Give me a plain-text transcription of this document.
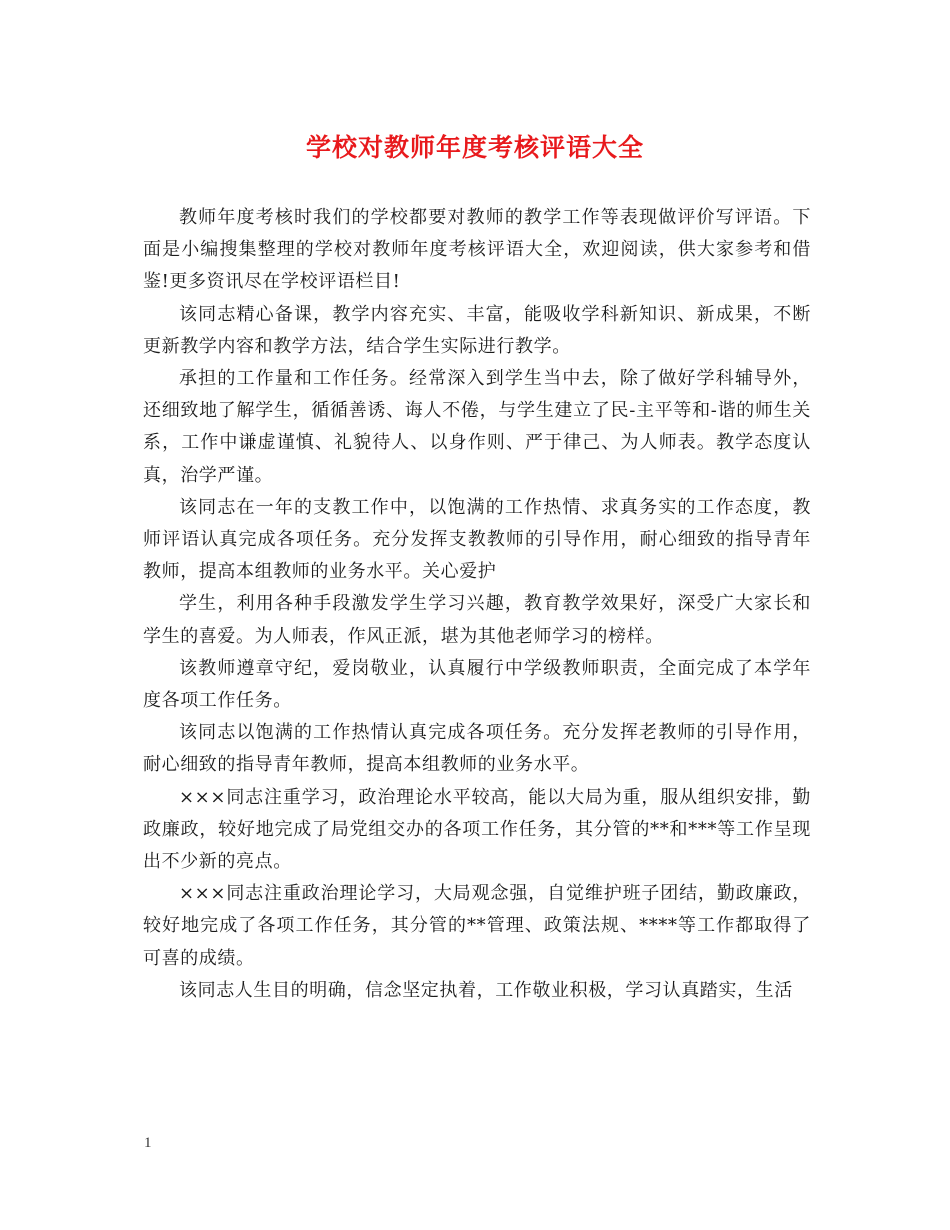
学校对教师年度考核评语大全

教师年度考核时我们的学校都要对教师的教学工作等表现做评价写评语。下面是小编搜集整理的学校对教师年度考核评语大全，欢迎阅读，供大家参考和借鉴!更多资讯尽在学校评语栏目!

该同志精心备课，教学内容充实、丰富，能吸收学科新知识、新成果，不断更新教学内容和教学方法，结合学生实际进行教学。

承担的工作量和工作任务。经常深入到学生当中去，除了做好学科辅导外，还细致地了解学生，循循善诱、诲人不倦，与学生建立了民-主平等和-谐的师生关系，工作中谦虚谨慎、礼貌待人、以身作则、严于律己、为人师表。教学态度认真，治学严谨。

该同志在一年的支教工作中，以饱满的工作热情、求真务实的工作态度，教师评语认真完成各项任务。充分发挥支教教师的引导作用，耐心细致的指导青年教师，提高本组教师的业务水平。关心爱护

学生，利用各种手段激发学生学习兴趣，教育教学效果好，深受广大家长和学生的喜爱。为人师表，作风正派，堪为其他老师学习的榜样。

该教师遵章守纪，爱岗敬业，认真履行中学级教师职责，全面完成了本学年度各项工作任务。

该同志以饱满的工作热情认真完成各项任务。充分发挥老教师的引导作用，耐心细致的指导青年教师，提高本组教师的业务水平。

×××同志注重学习，政治理论水平较高，能以大局为重，服从组织安排，勤政廉政，较好地完成了局党组交办的各项工作任务，其分管的**和***等工作呈现出不少新的亮点。

×××同志注重政治理论学习，大局观念强，自觉维护班子团结，勤政廉政，较好地完成了各项工作任务，其分管的**管理、政策法规、****等工作都取得了可喜的成绩。

该同志人生目的明确，信念坚定执着，工作敬业积极，学习认真踏实，生活

1
